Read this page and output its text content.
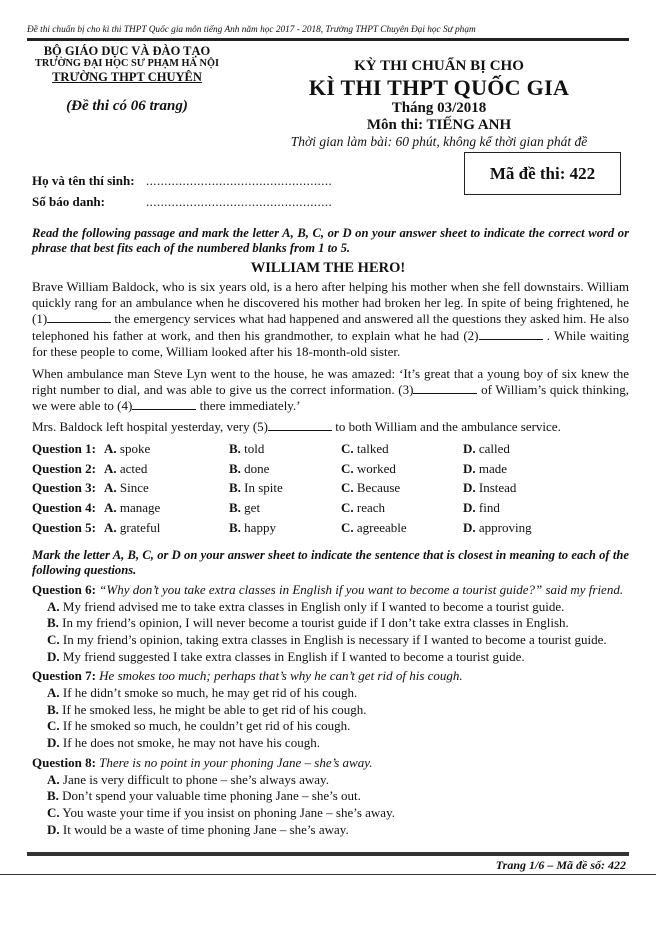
Đề thi chuẩn bị cho kì thi THPT Quốc gia môn tiếng Anh năm học 2017 - 2018, Trường THPT Chuyên Đại học Sư phạm
BỘ GIÁO DỤC VÀ ĐÀO TẠO
TRƯỜNG ĐẠI HỌC SƯ PHẠM HÀ NỘI
TRƯỜNG THPT CHUYÊN
(Đề thi có 06 trang)
KỲ THI CHUẨN BỊ CHO
KÌ THI THPT QUỐC GIA
Tháng 03/2018
Môn thi: TIẾNG ANH
Thời gian làm bài: 60 phút, không kể thời gian phát đề
Họ và tên thí sinh: ...................................................
Số báo danh:	...................................................
Mã đề thi: 422
Read the following passage and mark the letter A, B, C, or D on your answer sheet to indicate the correct word or phrase that best fits each of the numbered blanks from 1 to 5.
WILLIAM THE HERO!
Brave William Baldock, who is six years old, is a hero after helping his mother when she fell downstairs. William quickly rang for an ambulance when he discovered his mother had broken her leg. In spite of being frightened, he (1)	the emergency services what had happened and answered all the questions they asked him. He also telephoned his father at work, and then his grandmother, to explain what he had (2)	. While waiting for these people to come, William looked after his 18-month-old sister.
When ambulance man Steve Lyn went to the house, he was amazed: ‘It’s great that a young boy of six knew the right number to dial, and was able to give us the correct information. (3)	of William’s quick thinking, we were able to (4)	there immediately.’
Mrs. Baldock left hospital yesterday, very (5)	to both William and the ambulance service.
Question 1: A. spoke	B. told	C. talked	D. called
Question 2: A. acted	B. done	C. worked	D. made
Question 3: A. Since	B. In spite	C. Because	D. Instead
Question 4: A. manage	B. get	C. reach	D. find
Question 5: A. grateful	B. happy	C. agreeable	D. approving
Mark the letter A, B, C, or D on your answer sheet to indicate the sentence that is closest in meaning to each of the following questions.
Question 6: “Why don’t you take extra classes in English if you want to become a tourist guide?” said my friend.
A. My friend advised me to take extra classes in English only if I wanted to become a tourist guide.
B. In my friend’s opinion, I will never become a tourist guide if I don’t take extra classes in English.
C. In my friend’s opinion, taking extra classes in English is necessary if I wanted to become a tourist guide.
D. My friend suggested I take extra classes in English if I wanted to become a tourist guide.
Question 7: He smokes too much; perhaps that’s why he can’t get rid of his cough.
A. If he didn’t smoke so much, he may get rid of his cough.
B. If he smoked less, he might be able to get rid of his cough.
C. If he smoked so much, he couldn’t get rid of his cough.
D. If he does not smoke, he may not have his cough.
Question 8: There is no point in your phoning Jane – she’s away.
A. Jane is very difficult to phone – she’s always away.
B. Don’t spend your valuable time phoning Jane – she’s out.
C. You waste your time if you insist on phoning Jane – she’s away.
D. It would be a waste of time phoning Jane – she’s away.
Trang 1/6 – Mã đề số: 422
